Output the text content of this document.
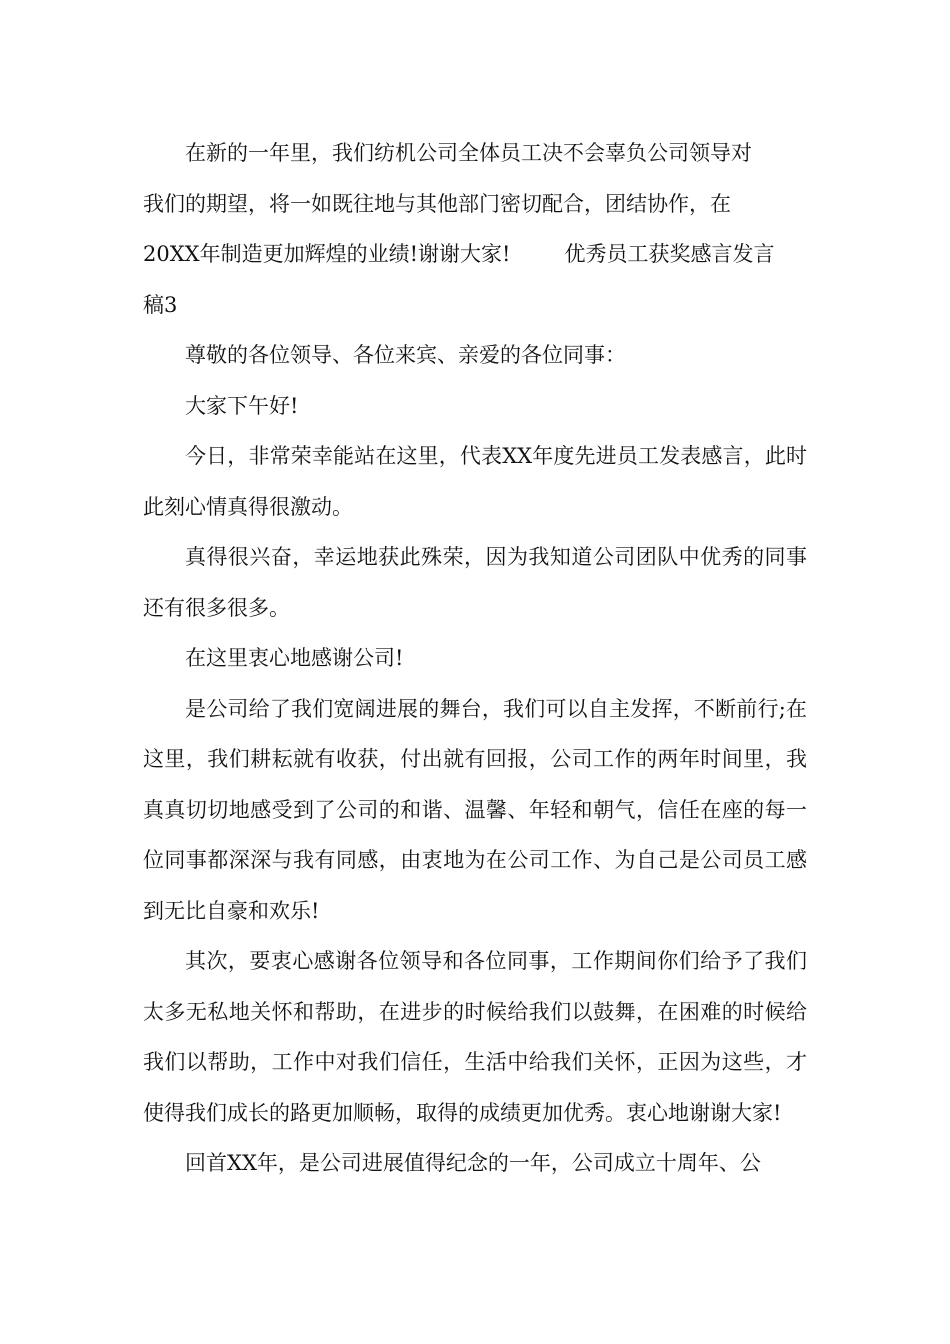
在新的一年里，我们纺机公司全体员工决不会辜负公司领导对
我们的期望，将一如既往地与其他部门密切配合，团结协作，在
20XX年制造更加辉煌的业绩!谢谢大家!	优秀员工获奖感言发言
稿3

尊敬的各位领导、各位来宾、亲爱的各位同事：

大家下午好!

今日，非常荣幸能站在这里，代表XX年度先进员工发表感言，此时此刻心情真得很激动。

真得很兴奋，幸运地获此殊荣，因为我知道公司团队中优秀的同事还有很多很多。

在这里衷心地感谢公司!

是公司给了我们宽阔进展的舞台，我们可以自主发挥，不断前行;在这里，我们耕耘就有收获，付出就有回报，公司工作的两年时间里，我真真切切地感受到了公司的和谐、温馨、年轻和朝气，信任在座的每一位同事都深深与我有同感，由衷地为在公司工作、为自己是公司员工感到无比自豪和欢乐!

其次，要衷心感谢各位领导和各位同事，工作期间你们给予了我们太多无私地关怀和帮助，在进步的时候给我们以鼓舞，在困难的时候给我们以帮助，工作中对我们信任，生活中给我们关怀，正因为这些，才使得我们成长的路更加顺畅，取得的成绩更加优秀。衷心地谢谢大家!

回首XX年，是公司进展值得纪念的一年，公司成立十周年、公
